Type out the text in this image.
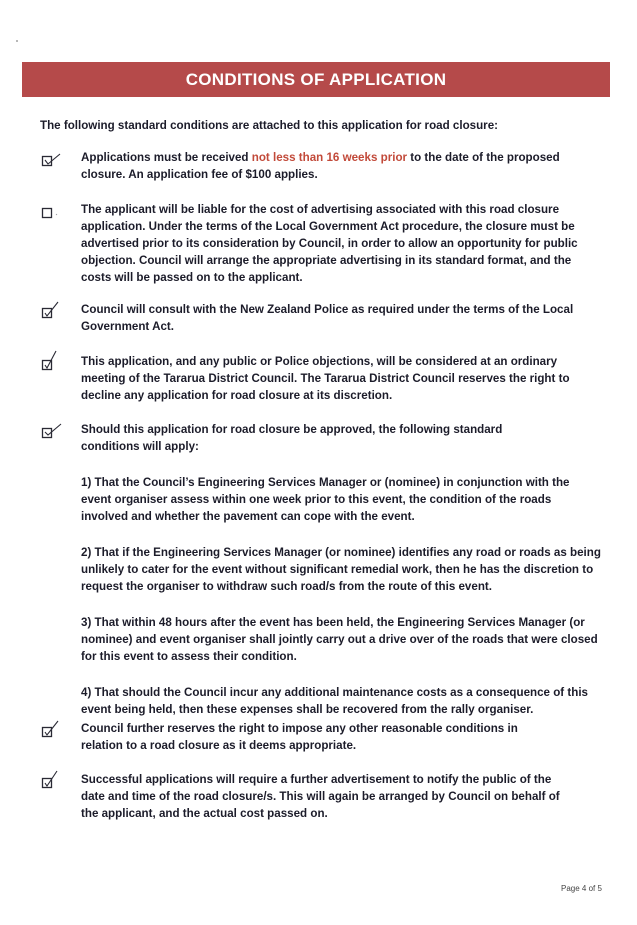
CONDITIONS OF APPLICATION
The following standard conditions are attached to this application for road closure:
Applications must be received not less than 16 weeks prior to the date of the proposed closure. An application fee of $100 applies.
The applicant will be liable for the cost of advertising associated with this road closure application. Under the terms of the Local Government Act procedure, the closure must be advertised prior to its consideration by Council, in order to allow an opportunity for public objection. Council will arrange the appropriate advertising in its standard format, and the costs will be passed on to the applicant.
Council will consult with the New Zealand Police as required under the terms of the Local Government Act.
This application, and any public or Police objections, will be considered at an ordinary meeting of the Tararua District Council. The Tararua District Council reserves the right to decline any application for road closure at its discretion.
Should this application for road closure be approved, the following standard conditions will apply:
1) That the Council’s Engineering Services Manager or (nominee) in conjunction with the event organiser assess within one week prior to this event, the condition of the roads involved and whether the pavement can cope with the event.
2) That if the Engineering Services Manager (or nominee) identifies any road or roads as being unlikely to cater for the event without significant remedial work, then he has the discretion to request the organiser to withdraw such road/s from the route of this event.
3) That within 48 hours after the event has been held, the Engineering Services Manager (or nominee) and event organiser shall jointly carry out a drive over of the roads that were closed for this event to assess their condition.
4) That should the Council incur any additional maintenance costs as a consequence of this event being held, then these expenses shall be recovered from the rally organiser.
Council further reserves the right to impose any other reasonable conditions in relation to a road closure as it deems appropriate.
Successful applications will require a further advertisement to notify the public of the date and time of the road closure/s. This will again be arranged by Council on behalf of the applicant, and the actual cost passed on.
Page 4 of 5
